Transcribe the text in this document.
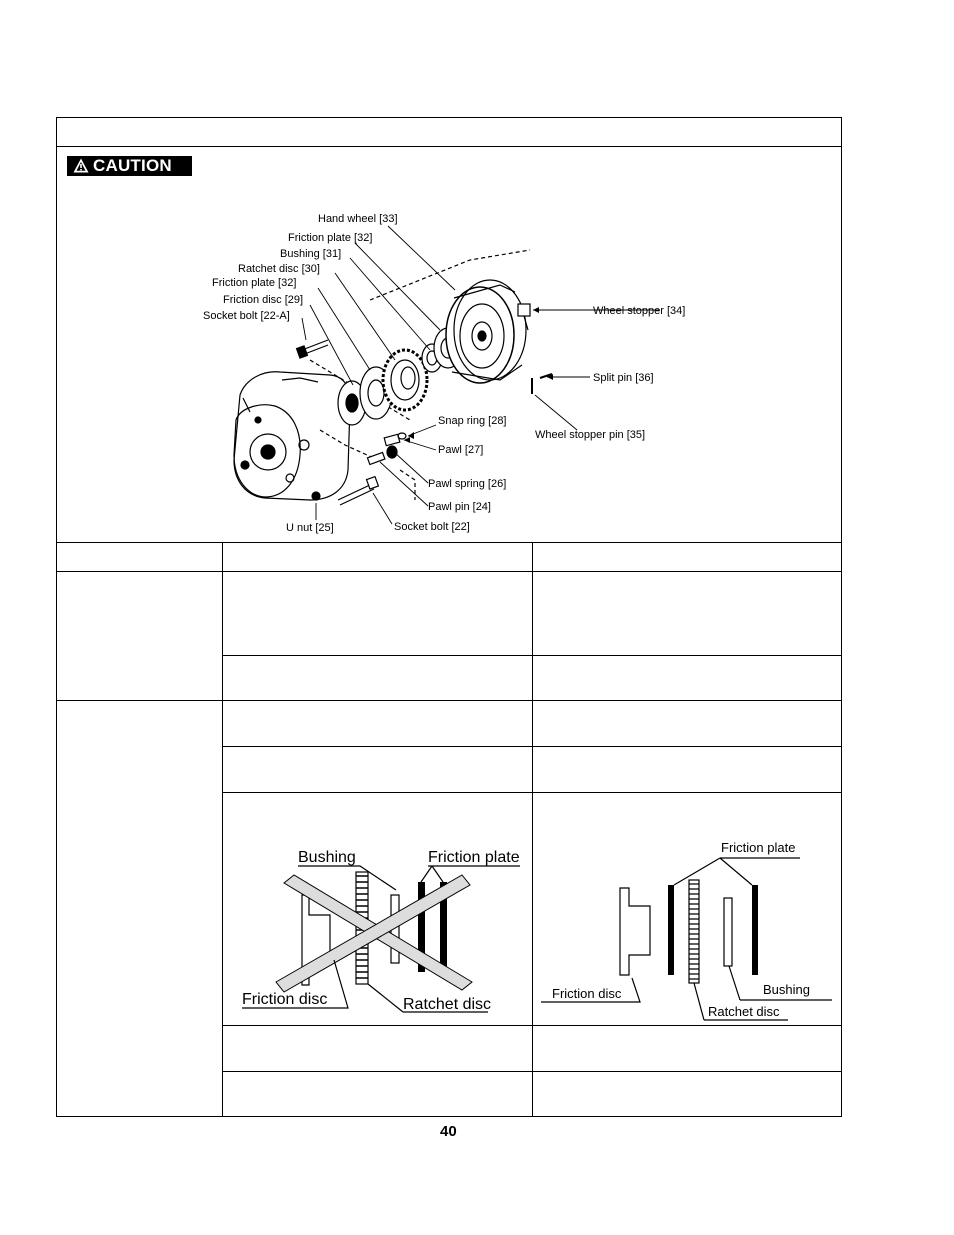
CAUTION
Hand wheel [33]
Friction plate [32]
Bushing [31]
Ratchet disc [30]
Friction plate [32]
Friction disc [29]
Socket bolt [22-A]	Wheel stopper [34]
Split pin [36]
Wheel stopper pin [35]
Snap ring [28]
Pawl [27]
Pawl spring [26]
Pawl pin [24]
Socket bolt [22]
U nut [25]
Bushing	Friction plate
Friction disc	Ratchet disc
Friction plate
Friction disc	Bushing
Ratchet disc
40
